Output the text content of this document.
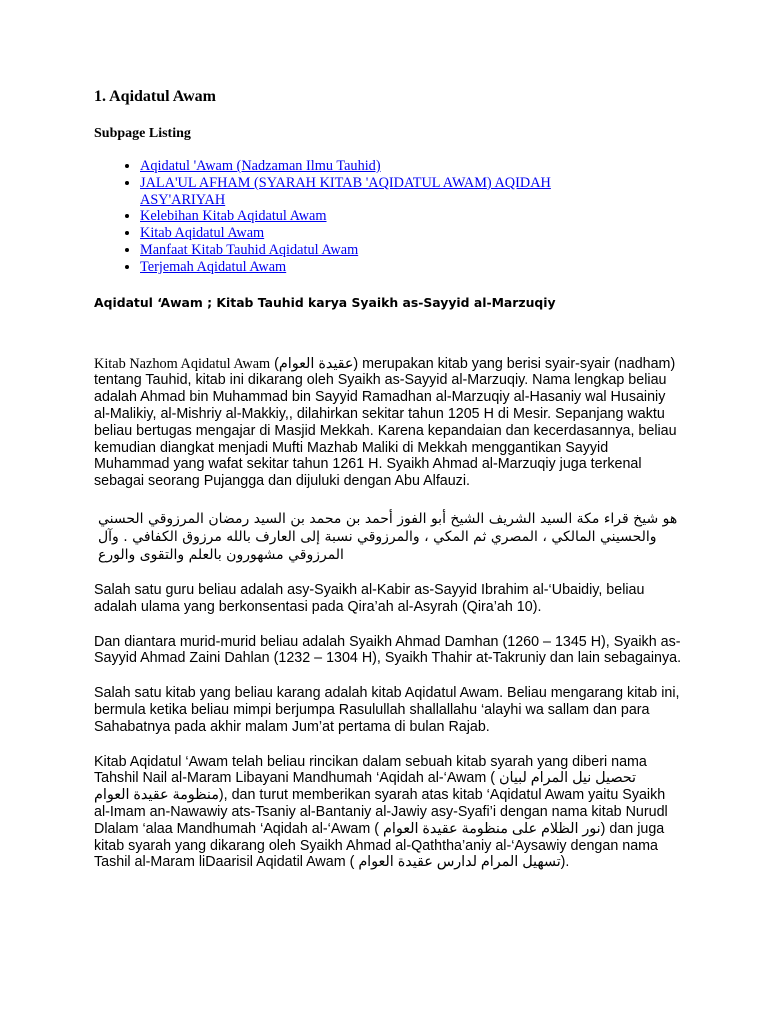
1. Aqidatul Awam
Subpage Listing
• Aqidatul 'Awam (Nadzaman Ilmu Tauhid)
• JALA'UL AFHAM (SYARAH KITAB 'AQIDATUL AWAM) AQIDAH ASY'ARIYAH
• Kelebihan Kitab Aqidatul Awam
• Kitab Aqidatul Awam
• Manfaat Kitab Tauhid Aqidatul Awam
• Terjemah Aqidatul Awam
Aqidatul ‘Awam ; Kitab Tauhid karya Syaikh as-Sayyid al-Marzuqiy

Kitab Nazhom Aqidatul Awam (عقيدة العوام) merupakan kitab yang berisi syair-syair (nadham) tentang Tauhid, kitab ini dikarang oleh Syaikh as-Sayyid al-Marzuqiy. Nama lengkap beliau adalah Ahmad bin Muhammad bin Sayyid Ramadhan al-Marzuqiy al-Hasaniy wal Husainiy al-Malikiy, al-Mishriy al-Makkiy,, dilahirkan sekitar tahun 1205 H di Mesir. Sepanjang waktu beliau bertugas mengajar di Masjid Mekkah. Karena kepandaian dan kecerdasannya, beliau kemudian diangkat menjadi Mufti Mazhab Maliki di Mekkah menggantikan Sayyid Muhammad yang wafat sekitar tahun 1261 H. Syaikh Ahmad al-Marzuqiy juga terkenal sebagai seorang Pujangga dan dijuluki dengan Abu Alfauzi.

هو شيخ قراء مكة السيد الشريف الشيخ أبو الفوز أحمد بن محمد بن السيد رمضان المرزوقي الحسني والحسيني المالكي ، المصري ثم المكي ، والمرزوقي نسبة إلى العارف بالله مرزوق الكفافي . وآل المرزوقي مشهورون بالعلم والتقوى والورع

Salah satu guru beliau adalah asy-Syaikh al-Kabir as-Sayyid Ibrahim al-‘Ubaidiy, beliau adalah ulama yang berkonsentasi pada Qira’ah al-Asyrah (Qira’ah 10).

Dan diantara murid-murid beliau adalah Syaikh Ahmad Damhan (1260 – 1345 H), Syaikh as-Sayyid Ahmad Zaini Dahlan (1232 – 1304 H), Syaikh Thahir at-Takruniy dan lain sebagainya.

Salah satu kitab yang beliau karang adalah kitab Aqidatul Awam. Beliau mengarang kitab ini, bermula ketika beliau mimpi berjumpa Rasulullah shallallahu ‘alayhi wa sallam dan para Sahabatnya pada akhir malam Jum’at pertama di bulan Rajab.

Kitab Aqidatul ‘Awam telah beliau rincikan dalam sebuah kitab syarah yang diberi nama Tahshil Nail al-Maram Libayani Mandhumah ‘Aqidah al-‘Awam ( تحصيل نيل المرام لبيان منظومة عقيدة العوام), dan turut memberikan syarah atas kitab ‘Aqidatul Awam yaitu Syaikh al-Imam an-Nawawiy ats-Tsaniy al-Bantaniy al-Jawiy asy-Syafi’i dengan nama kitab Nurudl Dlalam ‘alaa Mandhumah ‘Aqidah al-‘Awam ( نور الظلام على منظومة عقيدة العوام) dan juga kitab syarah yang dikarang oleh Syaikh Ahmad al-Qaththa’aniy al-‘Aysawiy dengan nama Tashil al-Maram liDaarisil Aqidatil Awam ( تسهيل المرام لدارس عقيدة العوام).
